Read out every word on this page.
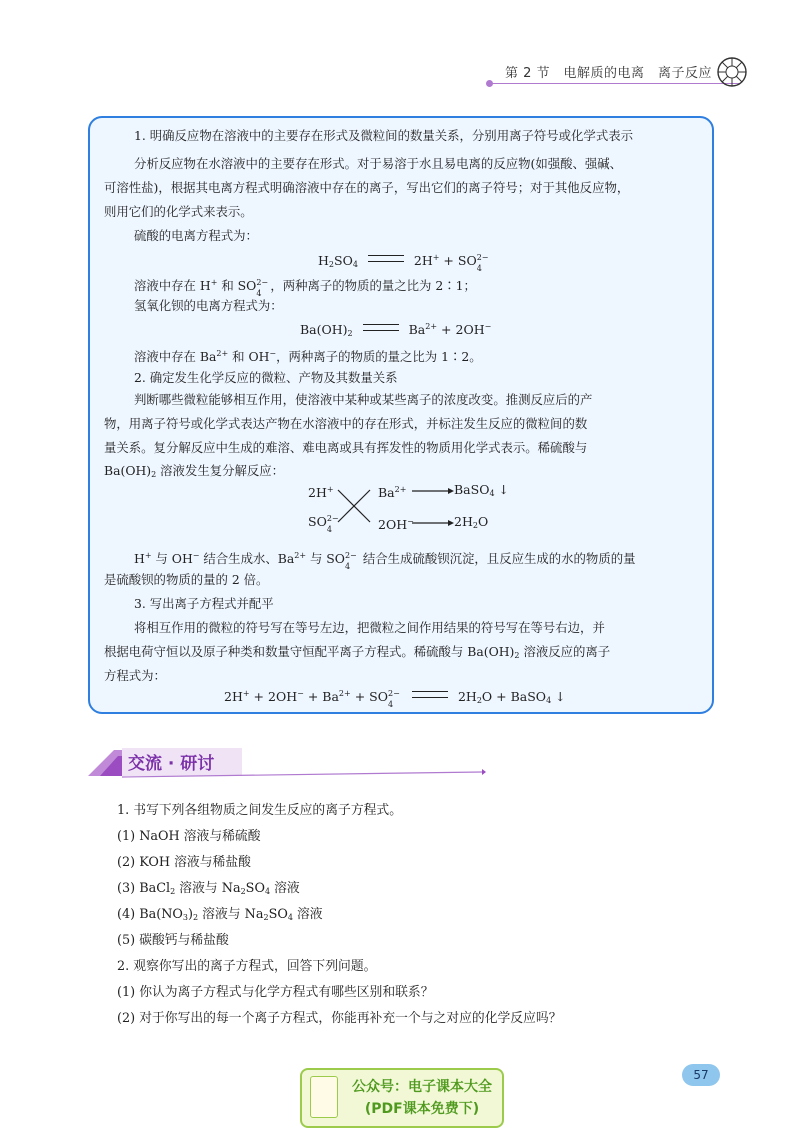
第 2 节　电解质的电离　离子反应

1. 明确反应物在溶液中的主要存在形式及微粒间的数量关系，分别用离子符号或化学式表示

分析反应物在水溶液中的主要存在形式。对于易溶于水且易电离的反应物(如强酸、强碱、

可溶性盐)，根据其电离方程式明确溶液中存在的离子，写出它们的离子符号；对于其他反应物，

则用它们的化学式来表示。

硫酸的电离方程式为：

$H_2SO_4$	2H+ + SO 2−
4

溶液中存在 H+ 和 SO 2−
4
，两种离子的物质的量之比为 2∶1；

氢氧化钡的电离方程式为：

$Ba(OH)_2$	$Ba^{2+} + 2OH^-$

溶液中存在 $Ba^{2+}$ 和 OH−，两种离子的物质的量之比为 1∶2。

2. 确定发生化学反应的微粒、产物及其数量关系

判断哪些微粒能够相互作用，使溶液中某种或某些离子的浓度改变。推测反应后的产

物，用离子符号或化学式表达产物在水溶液中的存在形式，并标注发生反应的微粒间的数

量关系。复分解反应中生成的难溶、难电离或具有挥发性的物质用化学式表示。稀硫酸与

$Ba(OH)_2$ 溶液发生复分解反应：

2H+	$Ba^{2+}$	BaSO$_4$ ↓
SO 2−
4	2OH−	$2H_2O$

H+ 与 OH− 结合生成水、$Ba^{2+}$ 与 SO 2−
4
结合生成硫酸钡沉淀，且反应生成的水的物质的量

是硫酸钡的物质的量的 2 倍。

3. 写出离子方程式并配平

将相互作用的微粒的符号写在等号左边，把微粒之间作用结果的符号写在等号右边，并

根据电荷守恒以及原子种类和数量守恒配平离子方程式。稀硫酸与 $Ba(OH)_2$ 溶液反应的离子

方程式为：

$2H^+ + 2OH^- + Ba^{2+}$ + SO 2−
4
$2H_2O$ + BaSO$_4$ ↓
交流 · 研讨
1. 书写下列各组物质之间发生反应的离子方程式。
(1) NaOH 溶液与稀硫酸
(2) KOH 溶液与稀盐酸
(3) BaCl$_2$ 溶液与 $Na_2SO_4$ 溶液
(4) $Ba(NO_3)_2$ 溶液与 $Na_2SO_4$ 溶液
(5) 碳酸钙与稀盐酸
2. 观察你写出的离子方程式，回答下列问题。
(1) 你认为离子方程式与化学方程式有哪些区别和联系？
(2) 对于你写出的每一个离子方程式，你能再补充一个与之对应的化学反应吗？
57
公众号：电子课本大全
(PDF课本免费下)
